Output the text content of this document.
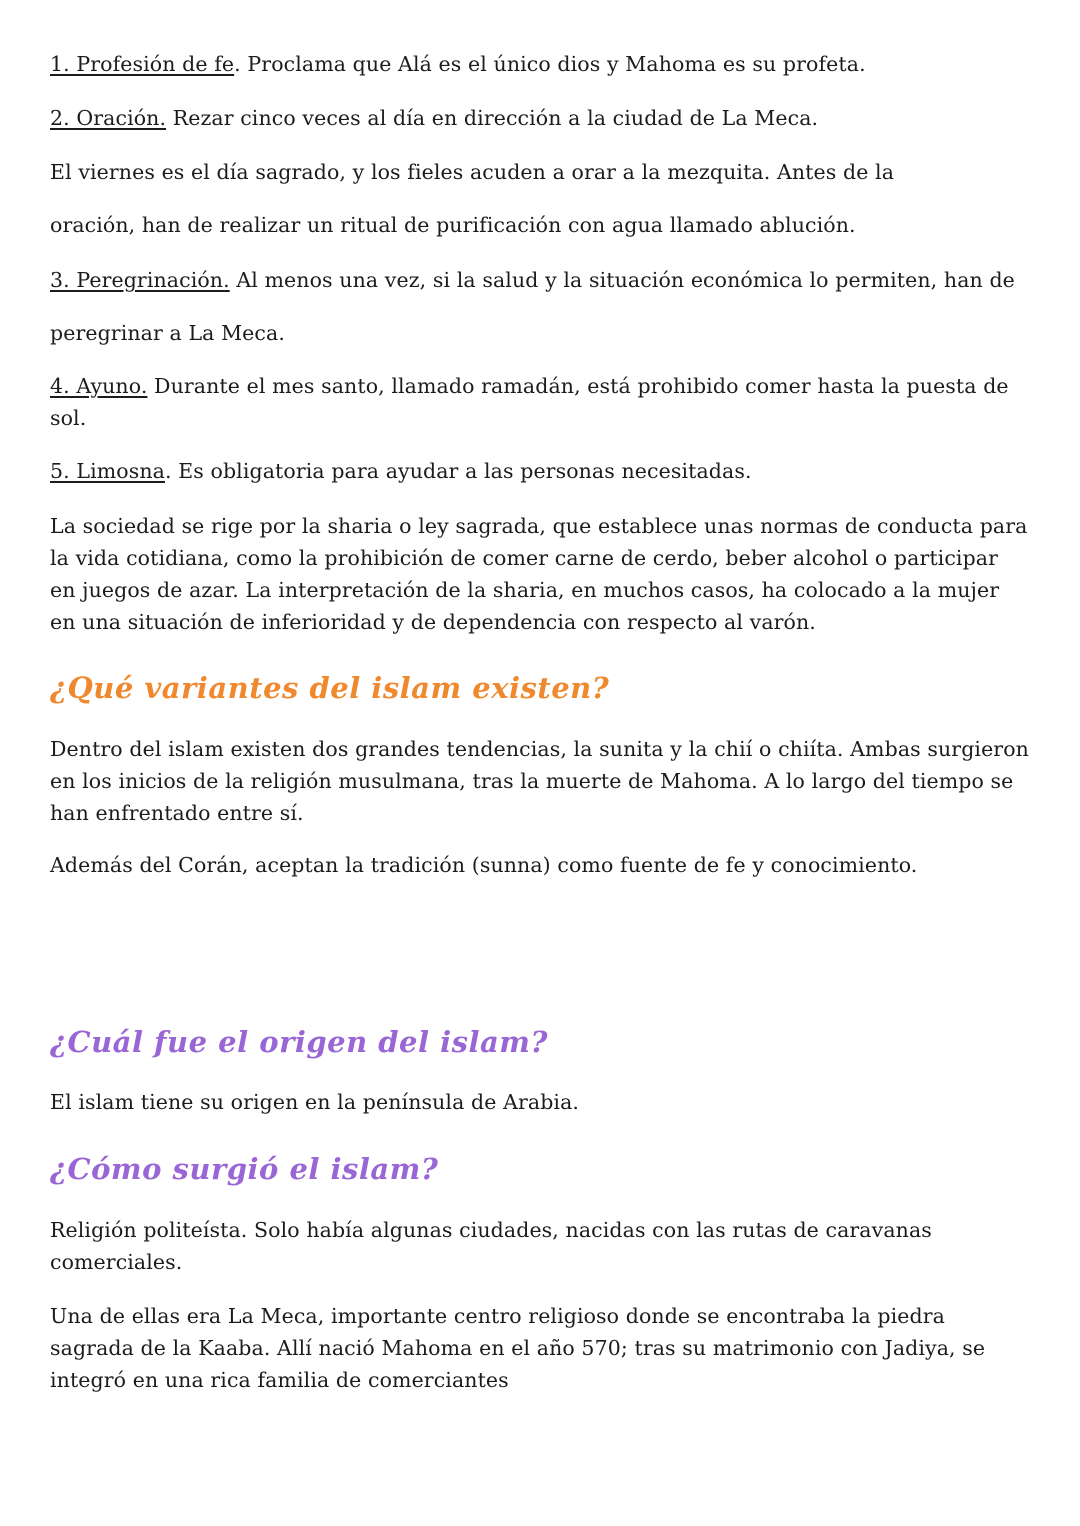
1. Profesión de fe. Proclama que Alá es el único dios y Mahoma es su profeta.

2. Oración. Rezar cinco veces al día en dirección a la ciudad de La Meca.

El viernes es el día sagrado, y los fieles acuden a orar a la mezquita. Antes de la

oración, han de realizar un ritual de purificación con agua llamado ablución.

3. Peregrinación. Al menos una vez, si la salud y la situación económica lo permiten, han de

peregrinar a La Meca.

4. Ayuno. Durante el mes santo, llamado ramadán, está prohibido comer hasta la puesta de sol.

5. Limosna. Es obligatoria para ayudar a las personas necesitadas.

La sociedad se rige por la sharia o ley sagrada, que establece unas normas de conducta para la vida cotidiana, como la prohibición de comer carne de cerdo, beber alcohol o participar en juegos de azar. La interpretación de la sharia, en muchos casos, ha colocado a la mujer en una situación de inferioridad y de dependencia con respecto al varón.

¿Qué variantes del islam existen?

Dentro del islam existen dos grandes tendencias, la sunita y la chií o chiíta. Ambas surgieron en los inicios de la religión musulmana, tras la muerte de Mahoma. A lo largo del tiempo se han enfrentado entre sí.

Además del Corán, aceptan la tradición (sunna) como fuente de fe y conocimiento.

¿Cuál fue el origen del islam?

El islam tiene su origen en la península de Arabia.

¿Cómo surgió el islam?

Religión politeísta. Solo había algunas ciudades, nacidas con las rutas de caravanas comerciales.

Una de ellas era La Meca, importante centro religioso donde se encontraba la piedra sagrada de la Kaaba. Allí nació Mahoma en el año 570; tras su matrimonio con Jadiya, se integró en una rica familia de comerciantes
